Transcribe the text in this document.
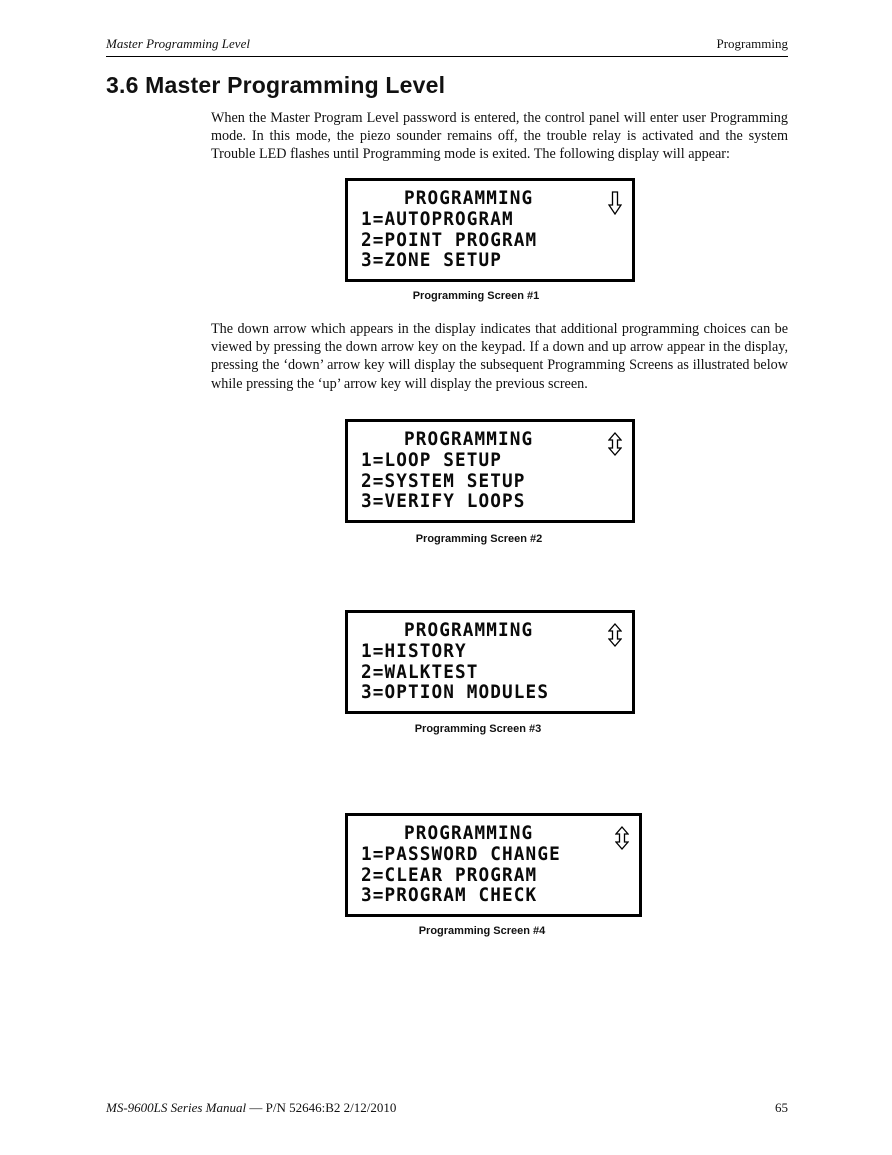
Master Programming Level	Programming
3.6 Master Programming Level

When the Master Program Level password is entered, the control panel will enter user Programming mode. In this mode, the piezo sounder remains off, the trouble relay is activated and the system Trouble LED flashes until Programming mode is exited. The following display will appear:

PROGRAMMING
1=AUTOPROGRAM
2=POINT PROGRAM
3=ZONE SETUP
Programming Screen #1

The down arrow which appears in the display indicates that additional programming choices can be viewed by pressing the down arrow key on the keypad. If a down and up arrow appear in the display, pressing the ‘down’ arrow key will display the subsequent Programming Screens as illustrated below while pressing the ‘up’ arrow key will display the previous screen.

PROGRAMMING
1=LOOP SETUP
2=SYSTEM SETUP
3=VERIFY LOOPS
Programming Screen #2
PROGRAMMING
1=HISTORY
2=WALKTEST
3=OPTION MODULES
Programming Screen #3
PROGRAMMING
1=PASSWORD CHANGE
2=CLEAR PROGRAM
3=PROGRAM CHECK
Programming Screen #4
MS-9600LS Series Manual — P/N 52646:B2 2/12/2010	65
